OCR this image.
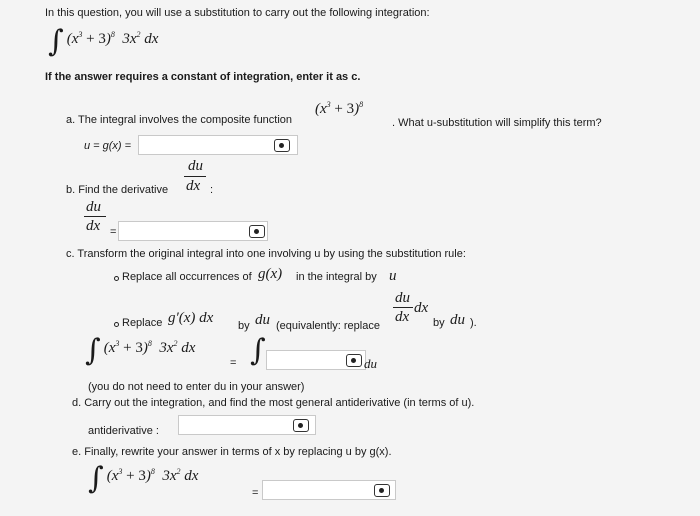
In this question, you will use a substitution to carry out the following integration:
∫ $(x^3 + 3)^8$ $3x^2$ dx
If the answer requires a constant of integration, enter it as c.
a. The integral involves the composite function
$(x^3 + 3)^8$
. What u-substitution will simplify this term?
u = g(x) =
du
b. Find the derivative dx :
du
dx =
c. Transform the original integral into one involving u by using the substitution rule:
Replace all occurrences of g(x) in the integral by u
Replace g′(x) dx by du (equivalently: replace
du
dx
dx
by du ).
∫ $(x^3 + 3)^8$ $3x^2$ dx
= ∫	du
(you do not need to enter du in your answer)
d. Carry out the integration, and find the most general antiderivative (in terms of u).
antiderivative :
e. Finally, rewrite your answer in terms of x by replacing u by g(x).
∫ $(x^3 + 3)^8$ $3x^2$ dx
=
